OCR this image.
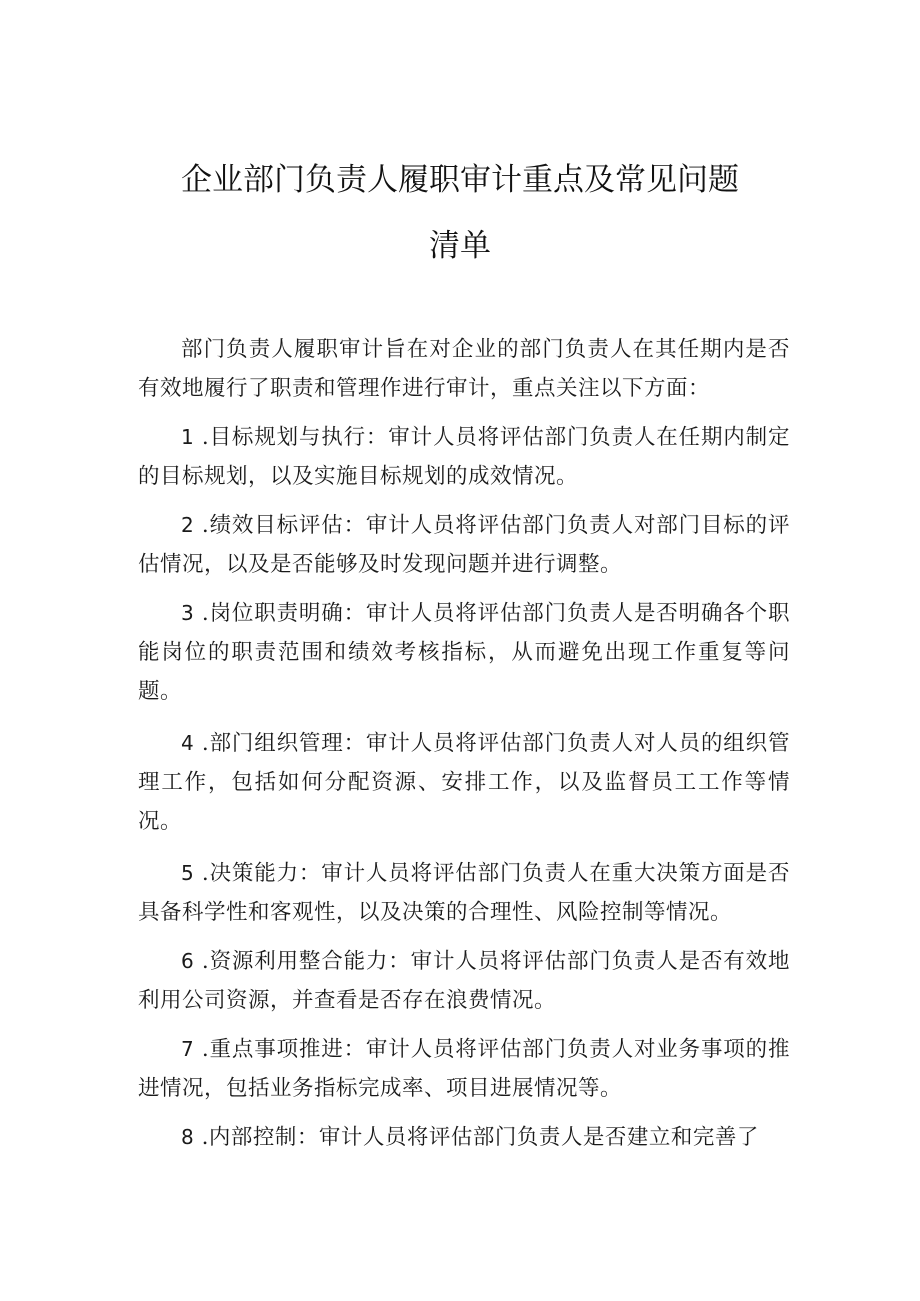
企业部门负责人履职审计重点及常见问题
清单

部门负责人履职审计旨在对企业的部门负责人在其任期内是否有效地履行了职责和管理作进行审计，重点关注以下方面：

1 .目标规划与执行：审计人员将评估部门负责人在任期内制定的目标规划，以及实施目标规划的成效情况。

2 .绩效目标评估：审计人员将评估部门负责人对部门目标的评估情况，以及是否能够及时发现问题并进行调整。

3 .岗位职责明确：审计人员将评估部门负责人是否明确各个职能岗位的职责范围和绩效考核指标，从而避免出现工作重复等问题。

4 .部门组织管理：审计人员将评估部门负责人对人员的组织管理工作，包括如何分配资源、安排工作，以及监督员工工作等情况。

5 .决策能力：审计人员将评估部门负责人在重大决策方面是否具备科学性和客观性，以及决策的合理性、风险控制等情况。

6 .资源利用整合能力：审计人员将评估部门负责人是否有效地利用公司资源，并查看是否存在浪费情况。

7 .重点事项推进：审计人员将评估部门负责人对业务事项的推进情况，包括业务指标完成率、项目进展情况等。

8 .内部控制：审计人员将评估部门负责人是否建立和完善了
